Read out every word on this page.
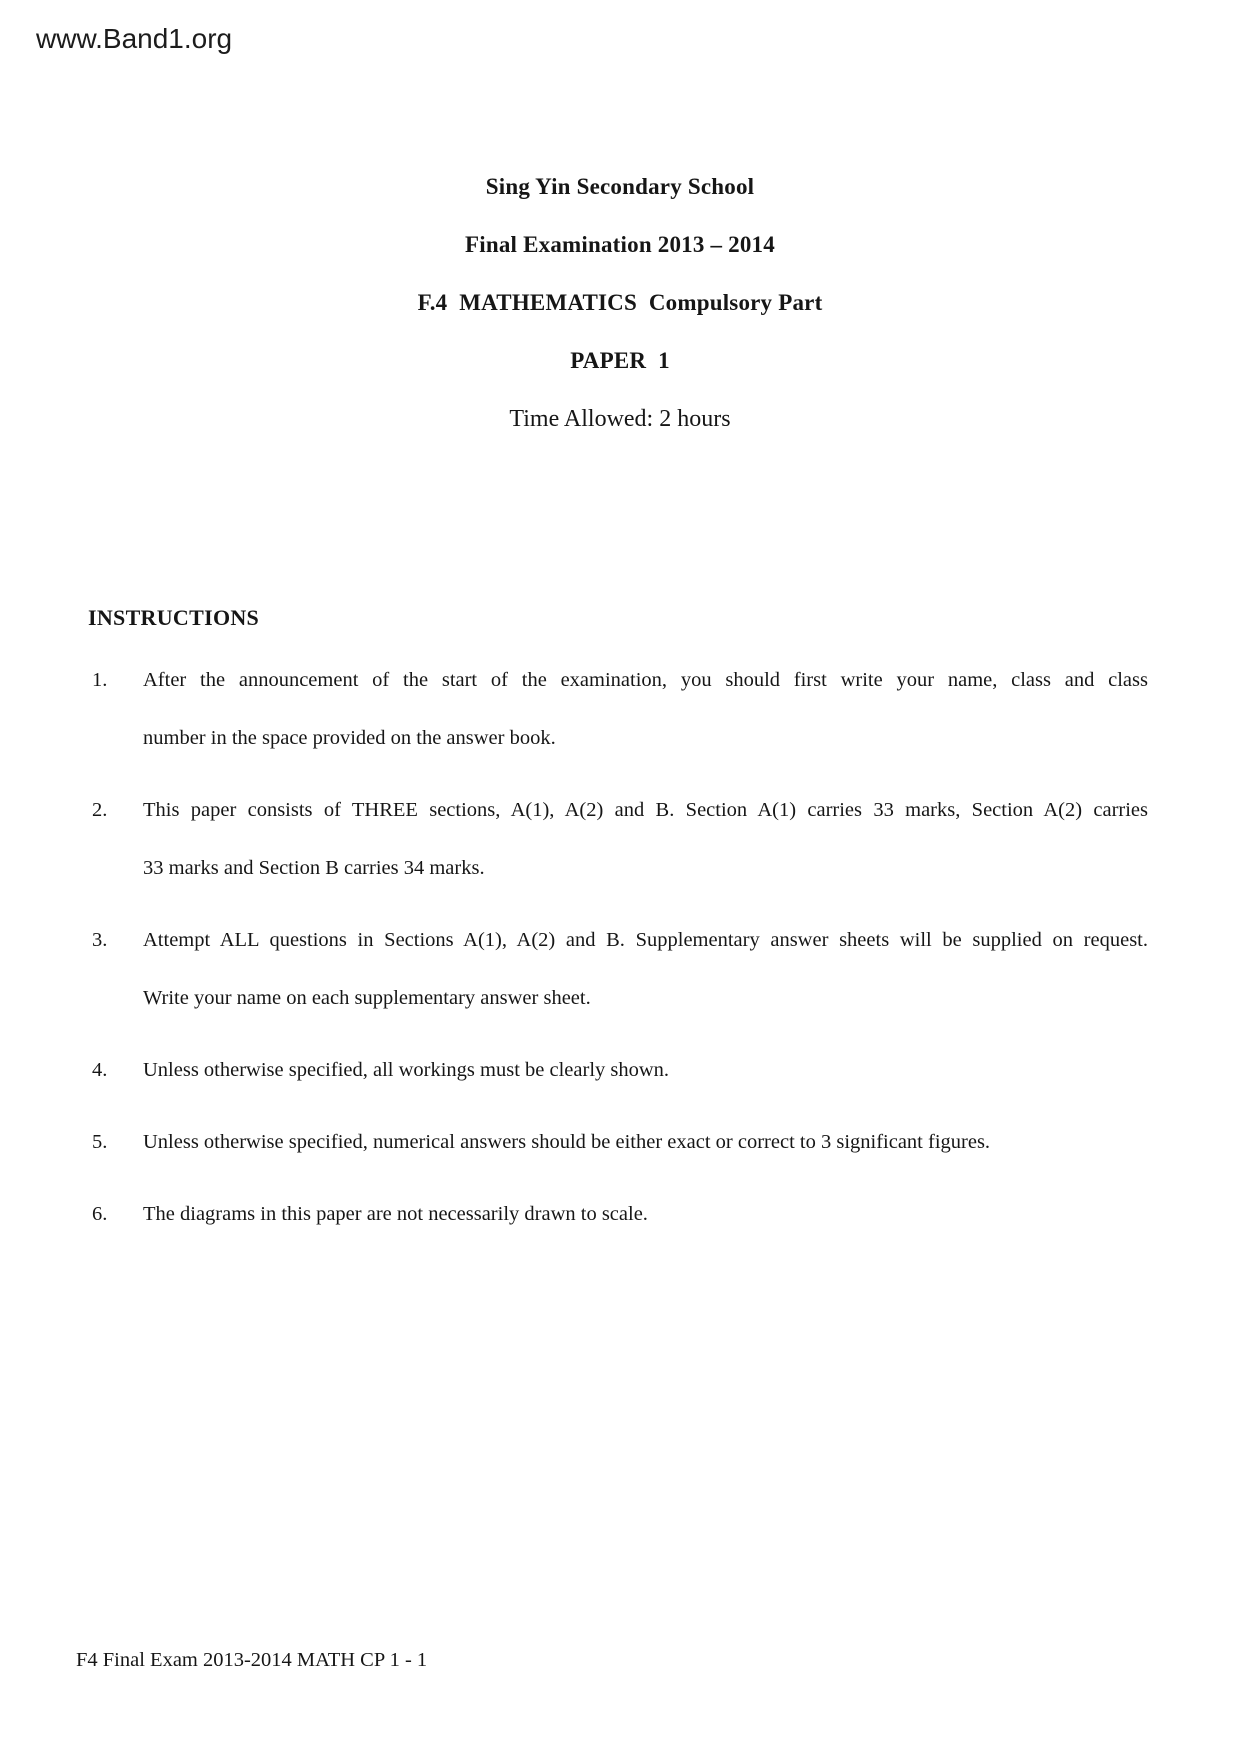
www.Band1.org
Sing Yin Secondary School
Final Examination 2013 – 2014
F.4  MATHEMATICS  Compulsory Part
PAPER  1
Time Allowed: 2 hours
INSTRUCTIONS
1.	After the announcement of the start of the examination, you should first write your name, class and class
number in the space provided on the answer book.
2.	This paper consists of THREE sections, A(1), A(2) and B. Section A(1) carries 33 marks, Section A(2) carries
33 marks and Section B carries 34 marks.
3.	Attempt ALL questions in Sections A(1), A(2) and B. Supplementary answer sheets will be supplied on request.
Write your name on each supplementary answer sheet.
4.	Unless otherwise specified, all workings must be clearly shown.
5.	Unless otherwise specified, numerical answers should be either exact or correct to 3 significant figures.
6.	The diagrams in this paper are not necessarily drawn to scale.
F4 Final Exam 2013-2014 MATH CP 1 - 1
